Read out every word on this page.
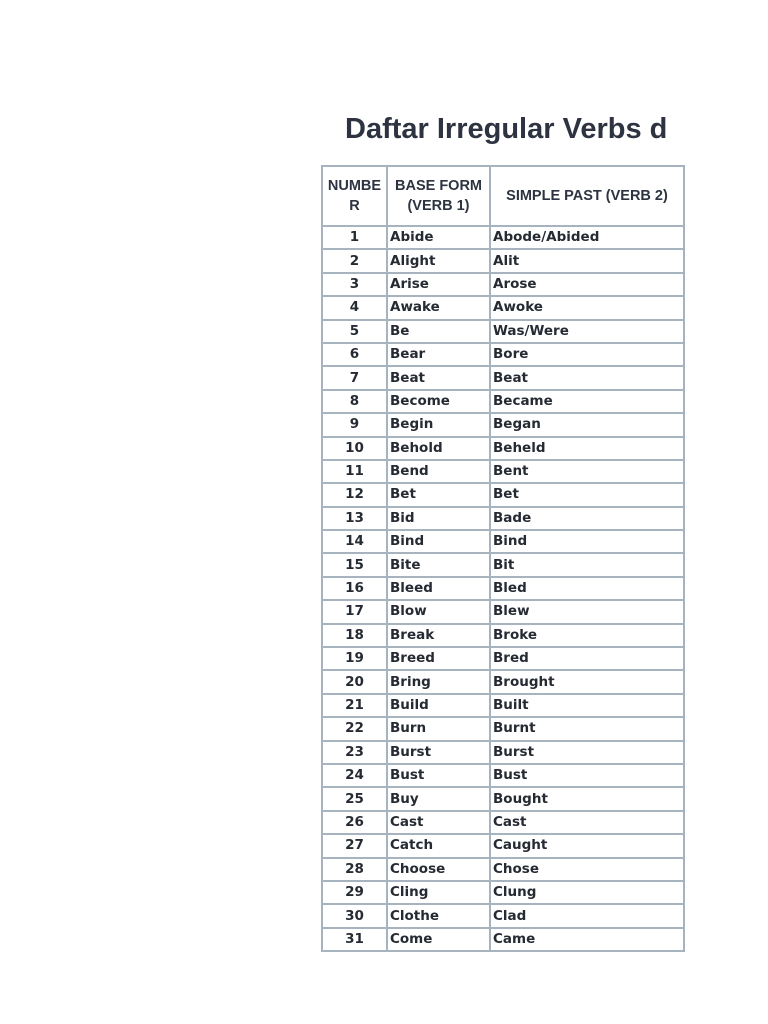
Daftar Irregular Verbs d
NUMBER	BASE FORM (VERB 1)	SIMPLE PAST (VERB 2)
1	Abide	Abode/Abided
2	Alight	Alit
3	Arise	Arose
4	Awake	Awoke
5	Be	Was/Were
6	Bear	Bore
7	Beat	Beat
8	Become	Became
9	Begin	Began
10	Behold	Beheld
11	Bend	Bent
12	Bet	Bet
13	Bid	Bade
14	Bind	Bind
15	Bite	Bit
16	Bleed	Bled
17	Blow	Blew
18	Break	Broke
19	Breed	Bred
20	Bring	Brought
21	Build	Built
22	Burn	Burnt
23	Burst	Burst
24	Bust	Bust
25	Buy	Bought
26	Cast	Cast
27	Catch	Caught
28	Choose	Chose
29	Cling	Clung
30	Clothe	Clad
31	Come	Came
